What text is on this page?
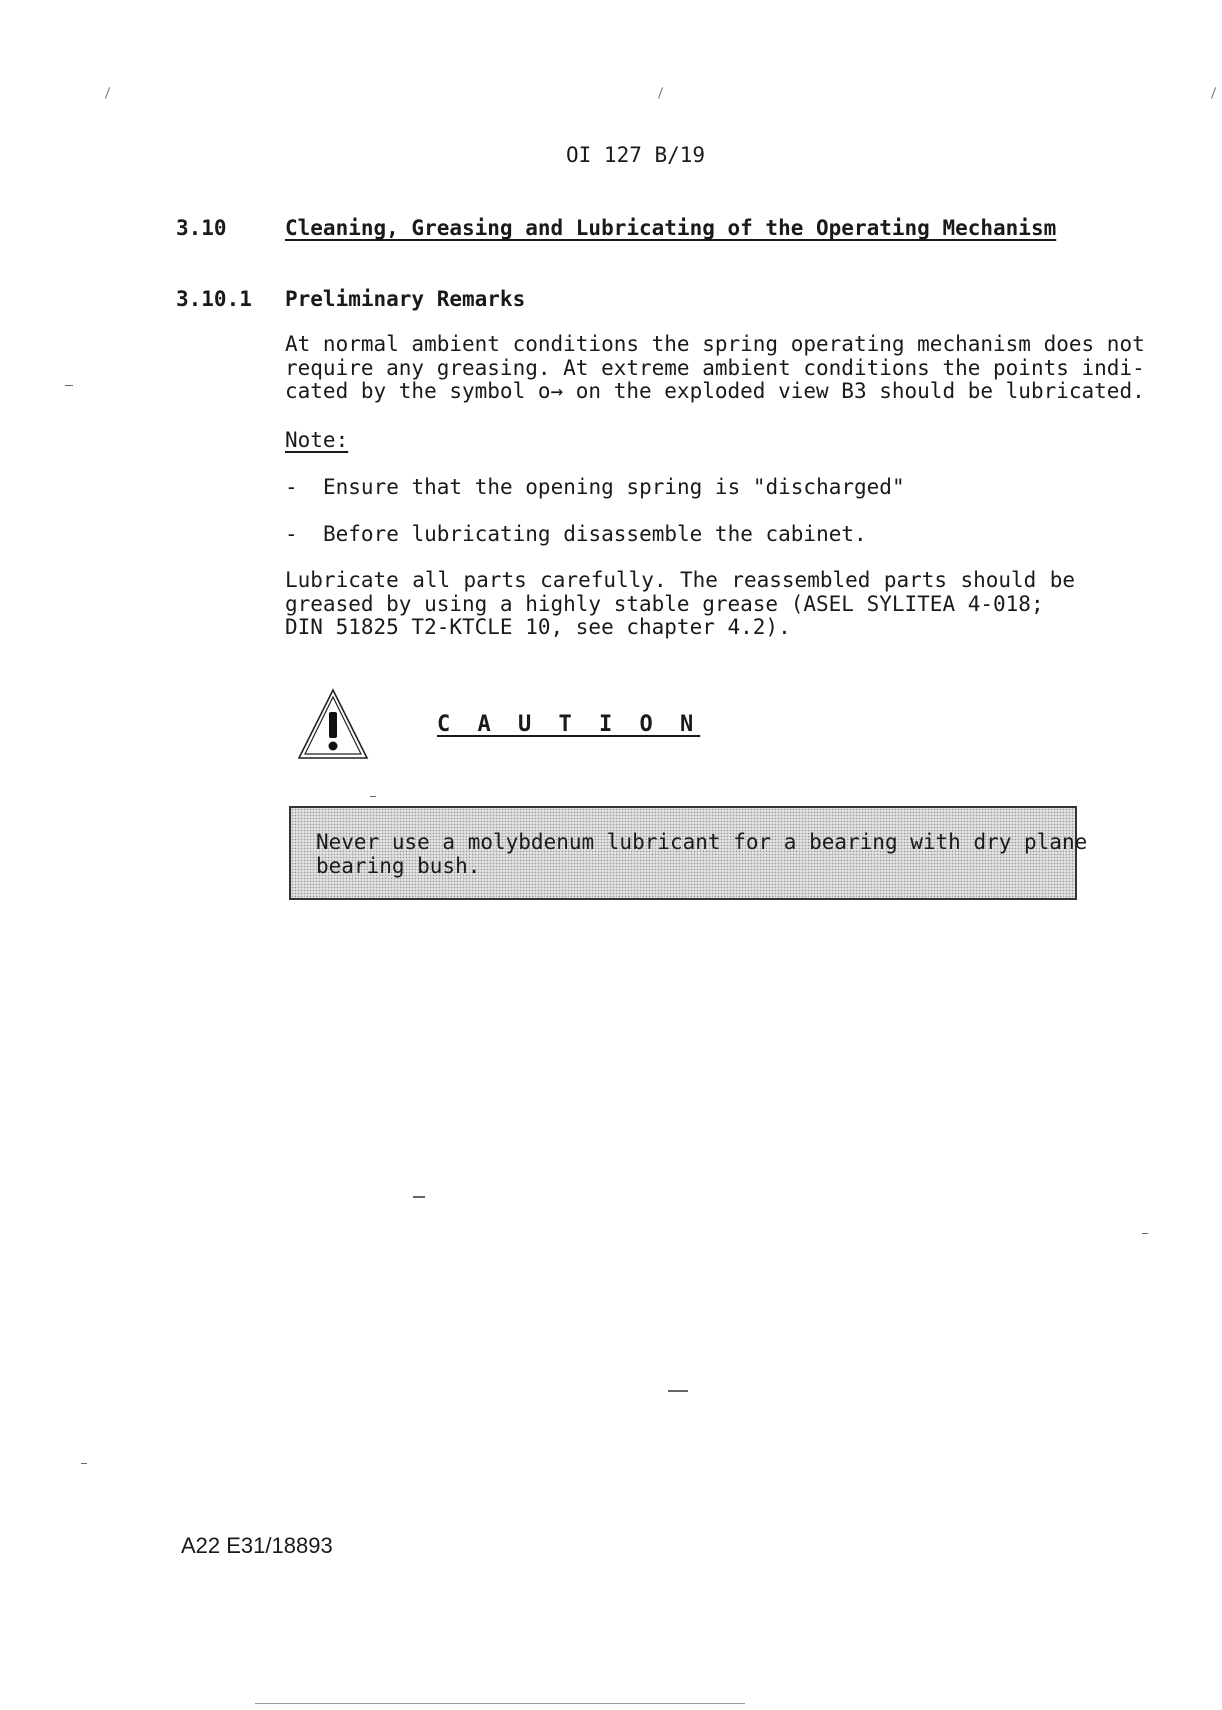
OI 127 B/19
3.10	Cleaning, Greasing and Lubricating of the Operating Mechanism
3.10.1 Preliminary Remarks
At normal ambient conditions the spring operating mechanism does not
require any greasing. At extreme ambient conditions the points indi-
cated by the symbol o→ on the exploded view B3 should be lubricated.
Note:
- Ensure that the opening spring is "discharged"
- Before lubricating disassemble the cabinet.
Lubricate all parts carefully. The reassembled parts should be
greased by using a highly stable grease (ASEL SYLITEA 4-018;
DIN 51825 T2-KTCLE 10, see chapter 4.2).
C A U T I O N
Never use a molybdenum lubricant for a bearing with dry plane
bearing bush.
A22 E31/18893
